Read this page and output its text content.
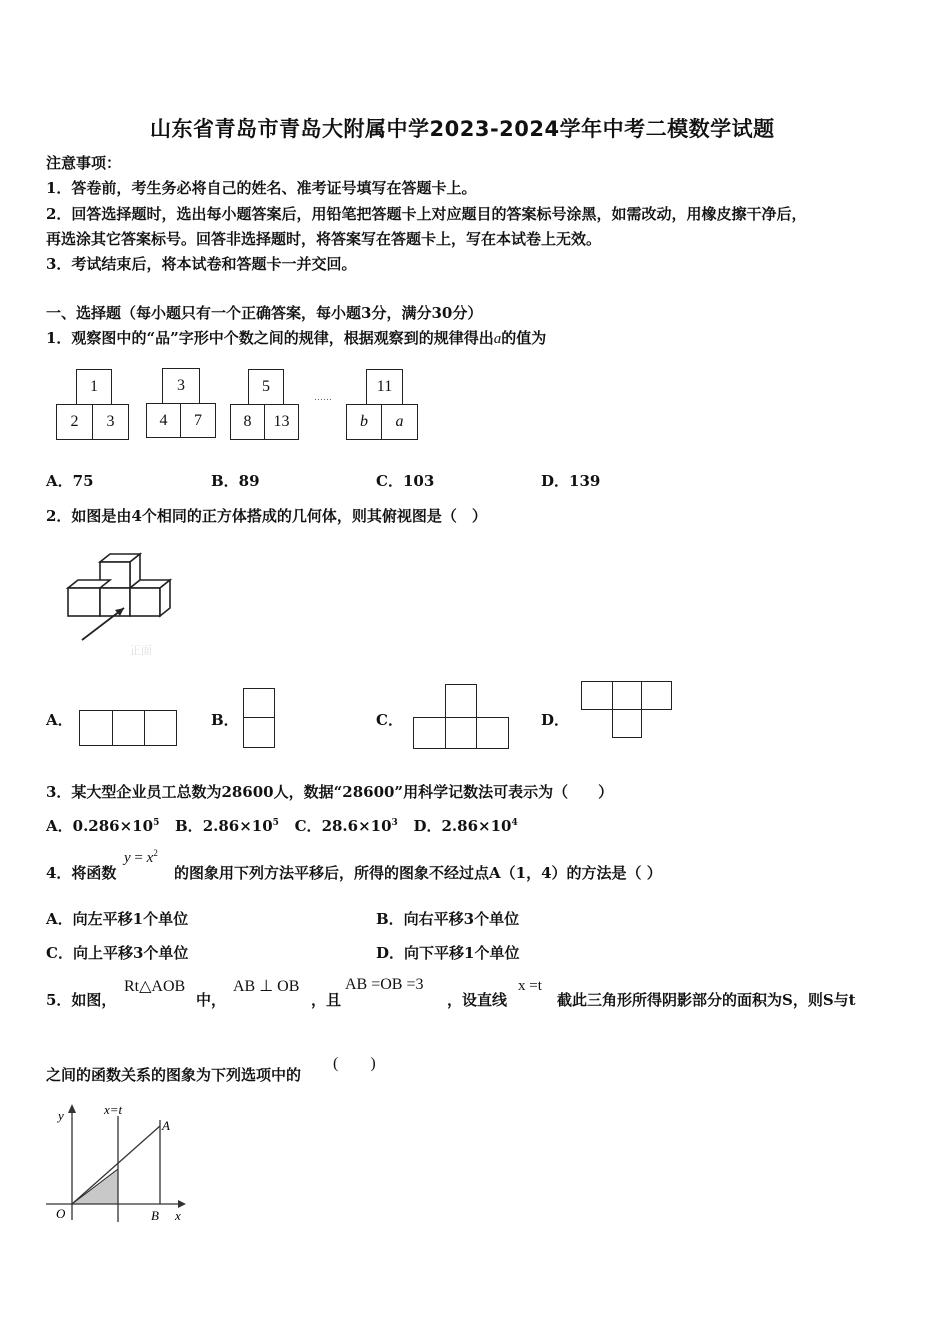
山东省青岛市青岛大附属中学2023-2024学年中考二模数学试题
注意事项：
1．答卷前，考生务必将自己的姓名、准考证号填写在答题卡上。
2．回答选择题时，选出每小题答案后，用铅笔把答题卡上对应题目的答案标号涂黑，如需改动，用橡皮擦干净后，
再选涂其它答案标号。回答非选择题时，将答案写在答题卡上，写在本试卷上无效。
3．考试结束后，将本试卷和答题卡一并交回。
一、选择题（每小题只有一个正确答案，每小题3分，满分30分）
1．观察图中的“品”字形中个数之间的规律，根据观察到的规律得出a的值为
1
2	3
3
4	7
5
8	13
……
11
b	a
A．75	B．89	C．103	D．139
2．如图是由4个相同的正方体搭成的几何体，则其俯视图是（　）
正面
A．	B．	C．	D．
3．某大型企业员工总数为28600人，数据“28600”用科学记数法可表示为（　　）
A．$0.286\times 10^5$ B．$2.86\times 10^5$ C．$28.6\times 10^3$ D．$2.86\times 10^4$
4．将函数
$y = x^2$
的图象用下列方法平移后，所得的图象不经过点A（1，4）的方法是（ ）
A．向左平移1个单位	B．向右平移3个单位
C．向上平移3个单位	D．向下平移1个单位
5．如图，
Rt△AOB
中，
AB ⊥ OB
，且
AB =OB =3
，设直线
x =t
截此三角形所得阴影部分的面积为S，则S与t
之间的函数关系的图象为下列选项中的
(　　)
y	x=t
A
O	B x
